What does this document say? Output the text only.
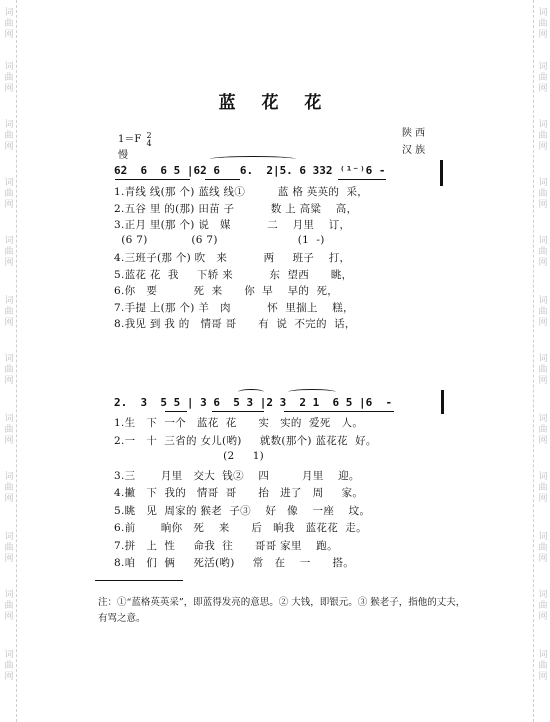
词
曲
网
词
曲
网
词
曲
网
词
曲
网
词
曲
网
词
曲
网
词
曲
网
词
曲
网
词
曲
网
词
曲
网
词
曲
网
词
曲
网
词
曲
网
词
曲
网
词
曲
网
词
曲
网
词
曲
网
词
曲
网
词
曲
网
词
曲
网
词
曲
网
词
曲
网
词
曲
网
词
曲
网
蓝 花 花
1＝F 2
4
慢
陕 西
汉 族
6̇2  6  6 5 |6̇2 6   6.  2|5. 6 332 ⁽¹⁻⁾6 -
1.青线 线(那 个) 蓝线 线①         蓝 格 英英的  采，
2.五谷 里 的(那) 田苗 子          数 上 高粱    高，
3.正月 里(那 个) 说   媒          二    月里    订，
(6 7)            (6 7)                      (1  -)
4.三班子(那 个) 吹   来          两     班子    打，
5.蓝花 花  我     下轿 来          东  望西      眺，
6.你   要          死  来      你  早    早的  死，
7.手提 上(那 个) 羊   肉          怀  里揣上    糕，
8.我见 到 我 的   情哥 哥      有  说  不完的  话，
2.  3  5 5 | 3 6  5 3 |2 3  2 1  6 5 |6  -
1.生   下  一个   蓝花  花      实   实的  爱死   人。
2.一   十  三省的 女儿(哟)     就数(那个) 蓝花花  好。
(2     1)
3.三       月里   交大  钱②    四         月里    迎。
4.撇   下  我的   情哥  哥      抬   进了   周     家。
5.眺   见  周家的 猴老  子③    好   像    一座    坟。
6.前       晌你   死    来      后   晌我   蓝花花  走。
7.拼   上  性     命我  往      哥哥 家里    跑。
8.咱   们  俩     死活(哟)     常   在    一      搭。
注：①“蓝格英英采”，即蓝得发亮的意思。② 大钱，即银元。③ 猴老子，指他的丈夫，有骂之意。
